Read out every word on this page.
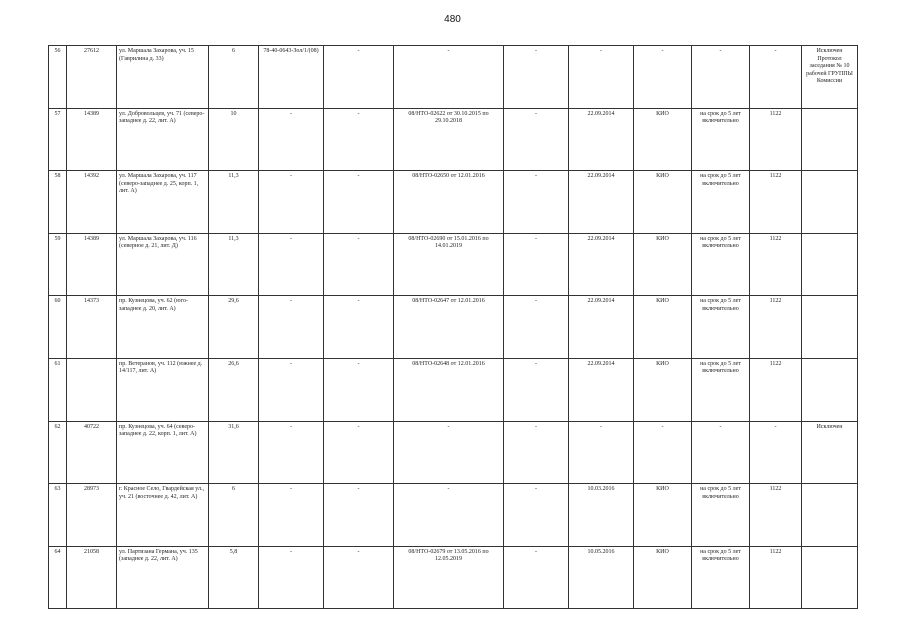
480
56	27612	ул. Маршала Захарова, уч. 15 (Гаврилина д. 33)	6	78-40-0643-Зол/1/(08)	-	-	-	-	-	-	-	Исключен Протокол заседания № 10 рабочей ГРУППЫ Комиссии
57	14389	ул. Добровольцев, уч. 71 (северо-западнее д. 22, лит. А)	10	-	-	08/НТО-02622 от 30.10.2015 по 29.10.2018	-	22.09.2014	КИО	на срок до 5 лет включительно	1122	
58	14392	ул. Маршала Захарова, уч. 117 (северо-западнее д. 25, корп. 1, лит. А)	11,3	-	-	08/НТО-02650 от 12.01.2016	-	22.09.2014	КИО	на срок до 5 лет включительно	1122	
59	14389	ул. Маршала Захарова, уч. 116 (северное д. 21, лит. Д)	11,3	-	-	08/НТО-02690 от 15.01.2016 по 14.01.2019	-	22.09.2014	КИО	на срок до 5 лет включительно	1122	
60	14373	пр. Кузнецова, уч. 62 (юго-западнее д. 20, лит. А)	29,6	-	-	08/НТО-02647 от 12.01.2016	-	22.09.2014	КИО	на срок до 5 лет включительно	1122	
61		пр. Ветеранов, уч. 112 (южнее д. 14/117, лит. А)	26,6	-	-	08/НТО-02648 от 12.01.2016	-	22.09.2014	КИО	на срок до 5 лет включительно	1122	
62	40722	пр. Кузнецова, уч. 64 (северо-западнее д. 22, корп. 1, лит. А)	31,6	-	-	-	-	-	-	-	-	Исключен
63	28973	г. Красное Село, Гвардейская ул., уч. 21 (восточнее д. 42, лит. А)	6	-	-	-	-	10.03.2016	КИО	на срок до 5 лет включительно	1122	
64	21058	ул. Партизана Германа, уч. 135 (западнее д. 22, лит. А)	5,8	-	-	08/НТО-02679 от 13.05.2016 по 12.05.2019	-	10.05.2016	КИО	на срок до 5 лет включительно	1122	
